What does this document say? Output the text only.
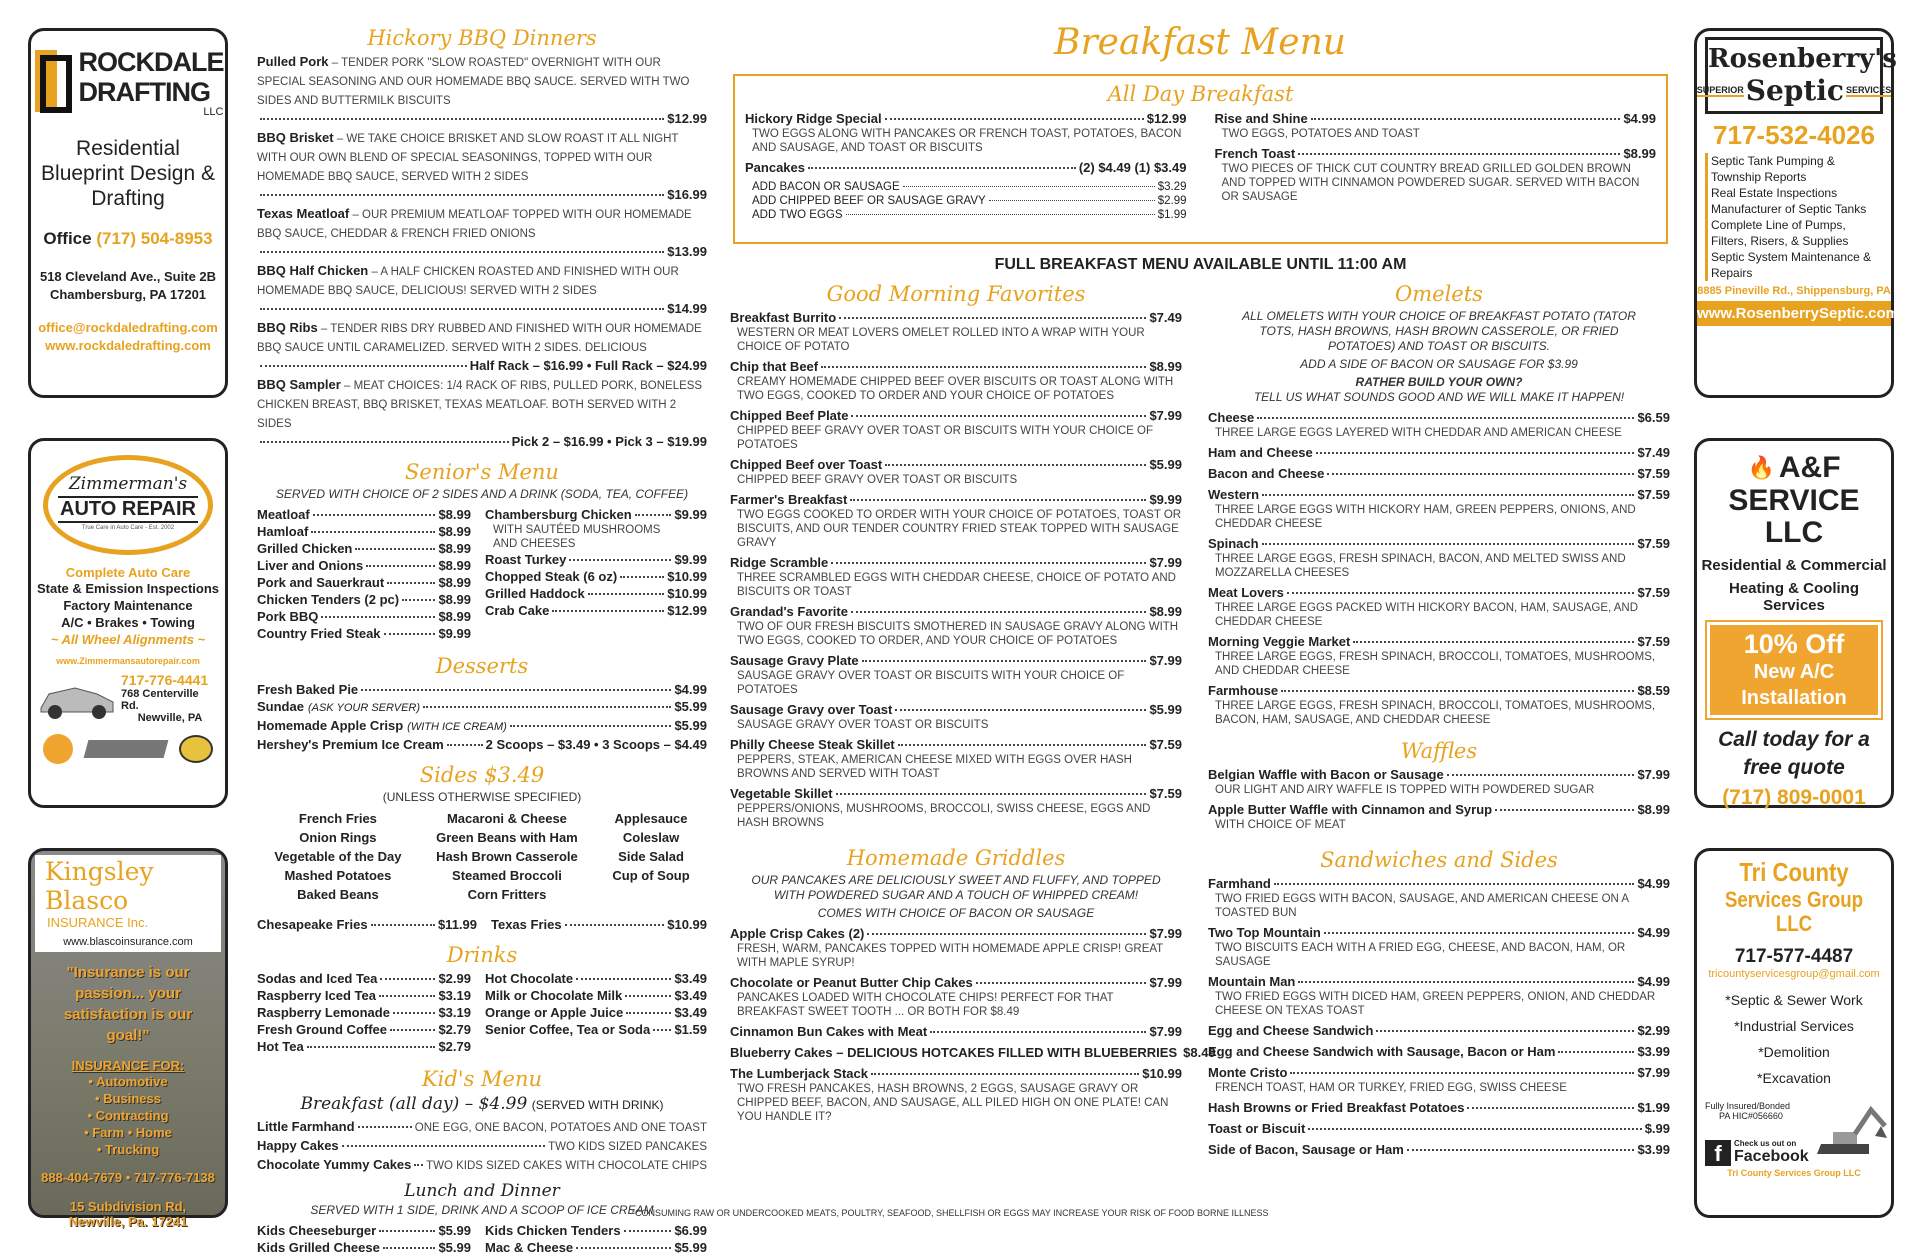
ROCKDALE
DRAFTING
LLC
Residential Blueprint Design & Drafting
Office (717) 504-8953
518 Cleveland Ave., Suite 2B
Chambersburg, PA 17201
office@rockdaledrafting.com
www.rockdaledrafting.com
Zimmerman's
AUTO REPAIR
True Care in Auto Care - Est. 2002
Complete Auto Care
State & Emission Inspections
Factory Maintenance
A/C • Brakes • Towing
~ All Wheel Alignments ~
www.Zimmermansautorepair.com
717-776-4441
768 Centerville Rd.
Newville, PA
Kingsley Blasco
INSURANCE Inc.
www.blascoinsurance.com
"Insurance is our passion... your satisfaction is our goal!"
INSURANCE FOR:
• Automotive
• Business
• Contracting
• Farm • Home
• Trucking
888-404-7679 • 717-776-7138
15 Subdivision Rd,
Newville, Pa. 17241
Hickory BBQ Dinners
Pulled Pork – TENDER PORK "SLOW ROASTED" OVERNIGHT WITH OUR SPECIAL SEASONING AND OUR HOMEMADE BBQ SAUCE. SERVED WITH TWO SIDES AND BUTTERMILK BISCUITS
$12.99
BBQ Brisket – WE TAKE CHOICE BRISKET AND SLOW ROAST IT ALL NIGHT WITH OUR OWN BLEND OF SPECIAL SEASONINGS, TOPPED WITH OUR HOMEMADE BBQ SAUCE, SERVED WITH 2 SIDES
$16.99
Texas Meatloaf – OUR PREMIUM MEATLOAF TOPPED WITH OUR HOMEMADE BBQ SAUCE, CHEDDAR & FRENCH FRIED ONIONS
$13.99
BBQ Half Chicken – A HALF CHICKEN ROASTED AND FINISHED WITH OUR HOMEMADE BBQ SAUCE, DELICIOUS! SERVED WITH 2 SIDES
$14.99
BBQ Ribs – TENDER RIBS DRY RUBBED AND FINISHED WITH OUR HOMEMADE BBQ SAUCE UNTIL CARAMELIZED. SERVED WITH 2 SIDES. DELICIOUS
Half Rack – $16.99 • Full Rack – $24.99
BBQ Sampler – MEAT CHOICES: 1/4 RACK OF RIBS, PULLED PORK, BONELESS CHICKEN BREAST, BBQ BRISKET, TEXAS MEATLOAF. BOTH SERVED WITH 2 SIDES
Pick 2 – $16.99 • Pick 3 – $19.99
Senior's Menu
SERVED WITH CHOICE OF 2 SIDES AND A DRINK (SODA, TEA, COFFEE)
Meatloaf	$8.99
Hamloaf	$8.99
Grilled Chicken	$8.99
Liver and Onions	$8.99
Pork and Sauerkraut	$8.99
Chicken Tenders (2 pc)	$8.99
Pork BBQ	$8.99
Country Fried Steak	$9.99
Chambersburg Chicken	$9.99
WITH SAUTÉED MUSHROOMS AND CHEESES
Roast Turkey	$9.99
Chopped Steak (6 oz)	$10.99
Grilled Haddock	$10.99
Crab Cake	$12.99
Desserts
Fresh Baked Pie	$4.99
Sundae (ASK YOUR SERVER)	$5.99
Homemade Apple Crisp (WITH ICE CREAM)	$5.99
Hershey's Premium Ice Cream	2 Scoops – $3.49 • 3 Scoops – $4.49
Sides $3.49
(UNLESS OTHERWISE SPECIFIED)
French Fries
Onion Rings
Vegetable of the Day
Mashed Potatoes
Baked Beans
Macaroni & Cheese
Green Beans with Ham
Hash Brown Casserole
Steamed Broccoli
Corn Fritters
Applesauce
Coleslaw
Side Salad
Cup of Soup
Chesapeake Fries	$11.99 Texas Fries	$10.99
Drinks
Sodas and Iced Tea	$2.99
Raspberry Iced Tea	$3.19
Raspberry Lemonade	$3.19
Fresh Ground Coffee	$2.79
Hot Tea	$2.79
Hot Chocolate	$3.49
Milk or Chocolate Milk	$3.49
Orange or Apple Juice	$3.49
Senior Coffee, Tea or Soda $1.59
Kid's Menu
Breakfast (all day) – $4.99 (SERVED WITH DRINK)
Little Farmhand	ONE EGG, ONE BACON, POTATOES AND ONE TOAST
Happy Cakes	TWO KIDS SIZED PANCAKES
Chocolate Yummy Cakes TWO KIDS SIZED CAKES WITH CHOCOLATE CHIPS
Lunch and Dinner
SERVED WITH 1 SIDE, DRINK AND A SCOOP OF ICE CREAM
Kids Cheeseburger	$5.99
Kids Grilled Cheese	$5.99
Kids Chicken Tenders	$6.99
Mac & Cheese	$5.99
Breakfast Menu
All Day Breakfast
Hickory Ridge Special	$12.99
TWO EGGS ALONG WITH PANCAKES OR FRENCH TOAST, POTATOES, BACON AND SAUSAGE, AND TOAST OR BISCUITS
Pancakes	(2) $4.49 (1) $3.49
ADD BACON OR SAUSAGE	$3.29
ADD CHIPPED BEEF OR SAUSAGE GRAVY	$2.99
ADD TWO EGGS	$1.99
Rise and Shine	$4.99
TWO EGGS, POTATOES AND TOAST
French Toast	$8.99
TWO PIECES OF THICK CUT COUNTRY BREAD GRILLED GOLDEN BROWN AND TOPPED WITH CINNAMON POWDERED SUGAR. SERVED WITH BACON OR SAUSAGE
FULL BREAKFAST MENU AVAILABLE UNTIL 11:00 AM
Good Morning Favorites
Breakfast Burrito	$7.49
WESTERN OR MEAT LOVERS OMELET ROLLED INTO A WRAP WITH YOUR CHOICE OF POTATO
Chip that Beef	$8.99
CREAMY HOMEMADE CHIPPED BEEF OVER BISCUITS OR TOAST ALONG WITH TWO EGGS, COOKED TO ORDER AND YOUR CHOICE OF POTATOES
Chipped Beef Plate	$7.99
CHIPPED BEEF GRAVY OVER TOAST OR BISCUITS WITH YOUR CHOICE OF POTATOES
Chipped Beef over Toast	$5.99
CHIPPED BEEF GRAVY OVER TOAST OR BISCUITS
Farmer's Breakfast	$9.99
TWO EGGS COOKED TO ORDER WITH YOUR CHOICE OF POTATOES, TOAST OR BISCUITS, AND OUR TENDER COUNTRY FRIED STEAK TOPPED WITH SAUSAGE GRAVY
Ridge Scramble	$7.99
THREE SCRAMBLED EGGS WITH CHEDDAR CHEESE, CHOICE OF POTATO AND BISCUITS OR TOAST
Grandad's Favorite	$8.99
TWO OF OUR FRESH BISCUITS SMOTHERED IN SAUSAGE GRAVY ALONG WITH TWO EGGS, COOKED TO ORDER, AND YOUR CHOICE OF POTATOES
Sausage Gravy Plate	$7.99
SAUSAGE GRAVY OVER TOAST OR BISCUITS WITH YOUR CHOICE OF POTATOES
Sausage Gravy over Toast	$5.99
SAUSAGE GRAVY OVER TOAST OR BISCUITS
Philly Cheese Steak Skillet	$7.59
PEPPERS, STEAK, AMERICAN CHEESE MIXED WITH EGGS OVER HASH BROWNS AND SERVED WITH TOAST
Vegetable Skillet	$7.59
PEPPERS/ONIONS, MUSHROOMS, BROCCOLI, SWISS CHEESE, EGGS AND HASH BROWNS
Homemade Griddles
OUR PANCAKES ARE DELICIOUSLY SWEET AND FLUFFY, AND TOPPED WITH POWDERED SUGAR AND A TOUCH OF WHIPPED CREAM!
COMES WITH CHOICE OF BACON OR SAUSAGE
Apple Crisp Cakes (2)	$7.99
FRESH, WARM, PANCAKES TOPPED WITH HOMEMADE APPLE CRISP! GREAT WITH MAPLE SYRUP!
Chocolate or Peanut Butter Chip Cakes	$7.99
PANCAKES LOADED WITH CHOCOLATE CHIPS! PERFECT FOR THAT BREAKFAST SWEET TOOTH ... OR BOTH FOR $8.49
Cinnamon Bun Cakes with Meat	$7.99
Blueberry Cakes – DELICIOUS HOTCAKES FILLED WITH BLUEBERRIES $8.49
The Lumberjack Stack	$10.99
TWO FRESH PANCAKES, HASH BROWNS, 2 EGGS, SAUSAGE GRAVY OR CHIPPED BEEF, BACON, AND SAUSAGE, ALL PILED HIGH ON ONE PLATE! CAN YOU HANDLE IT?
Omelets
ALL OMELETS WITH YOUR CHOICE OF BREAKFAST POTATO (TATOR TOTS, HASH BROWNS, HASH BROWN CASSEROLE, OR FRIED POTATOES) AND TOAST OR BISCUITS.
ADD A SIDE OF BACON OR SAUSAGE FOR $3.99
RATHER BUILD YOUR OWN?
TELL US WHAT SOUNDS GOOD AND WE WILL MAKE IT HAPPEN!
Cheese	$6.59
THREE LARGE EGGS LAYERED WITH CHEDDAR AND AMERICAN CHEESE
Ham and Cheese	$7.49
Bacon and Cheese	$7.59
Western	$7.59
THREE LARGE EGGS WITH HICKORY HAM, GREEN PEPPERS, ONIONS, AND CHEDDAR CHEESE
Spinach	$7.59
THREE LARGE EGGS, FRESH SPINACH, BACON, AND MELTED SWISS AND MOZZARELLA CHEESES
Meat Lovers	$7.59
THREE LARGE EGGS PACKED WITH HICKORY BACON, HAM, SAUSAGE, AND CHEDDAR CHEESE
Morning Veggie Market	$7.59
THREE LARGE EGGS, FRESH SPINACH, BROCCOLI, TOMATOES, MUSHROOMS, AND CHEDDAR CHEESE
Farmhouse	$8.59
THREE LARGE EGGS, FRESH SPINACH, BROCCOLI, TOMATOES, MUSHROOMS, BACON, HAM, SAUSAGE, AND CHEDDAR CHEESE
Waffles
Belgian Waffle with Bacon or Sausage	$7.99
OUR LIGHT AND AIRY WAFFLE IS TOPPED WITH POWDERED SUGAR
Apple Butter Waffle with Cinnamon and Syrup	$8.99
WITH CHOICE OF MEAT
Sandwiches and Sides
Farmhand	$4.99
TWO FRIED EGGS WITH BACON, SAUSAGE, AND AMERICAN CHEESE ON A TOASTED BUN
Two Top Mountain	$4.99
TWO BISCUITS EACH WITH A FRIED EGG, CHEESE, AND BACON, HAM, OR SAUSAGE
Mountain Man	$4.99
TWO FRIED EGGS WITH DICED HAM, GREEN PEPPERS, ONION, AND CHEDDAR CHEESE ON TEXAS TOAST
Egg and Cheese Sandwich	$2.99
Egg and Cheese Sandwich with Sausage, Bacon or Ham	$3.99
Monte Cristo	$7.99
FRENCH TOAST, HAM OR TURKEY, FRIED EGG, SWISS CHEESE
Hash Browns or Fried Breakfast Potatoes	$1.99
Toast or Biscuit	$.99
Side of Bacon, Sausage or Ham	$3.99
*CONSUMING RAW OR UNDERCOOKED MEATS, POULTRY, SEAFOOD, SHELLFISH OR EGGS MAY INCREASE YOUR RISK OF FOOD BORNE ILLNESS
Rosenberry's
SUPERIOR Septic SERVICES
717-532-4026
Septic Tank Pumping & Township Reports
Real Estate Inspections
Manufacturer of Septic Tanks
Complete Line of Pumps, Filters, Risers, & Supplies
Septic System Maintenance & Repairs
8885 Pineville Rd., Shippensburg, PA
www.RosenberrySeptic.com
🔥 A&F
SERVICE LLC
Residential & Commercial
Heating & Cooling Services
10% Off
New A/C
Installation
Call today for a
free quote
(717) 809-0001
Tri County
Services Group LLC
717-577-4487
tricountyservicesgroup@gmail.com
*Septic & Sewer Work
*Industrial Services
*Demolition
*Excavation
Fully Insured/Bonded
PA HIC#056660
f	Check us out on
Facebook
Tri County Services Group LLC
